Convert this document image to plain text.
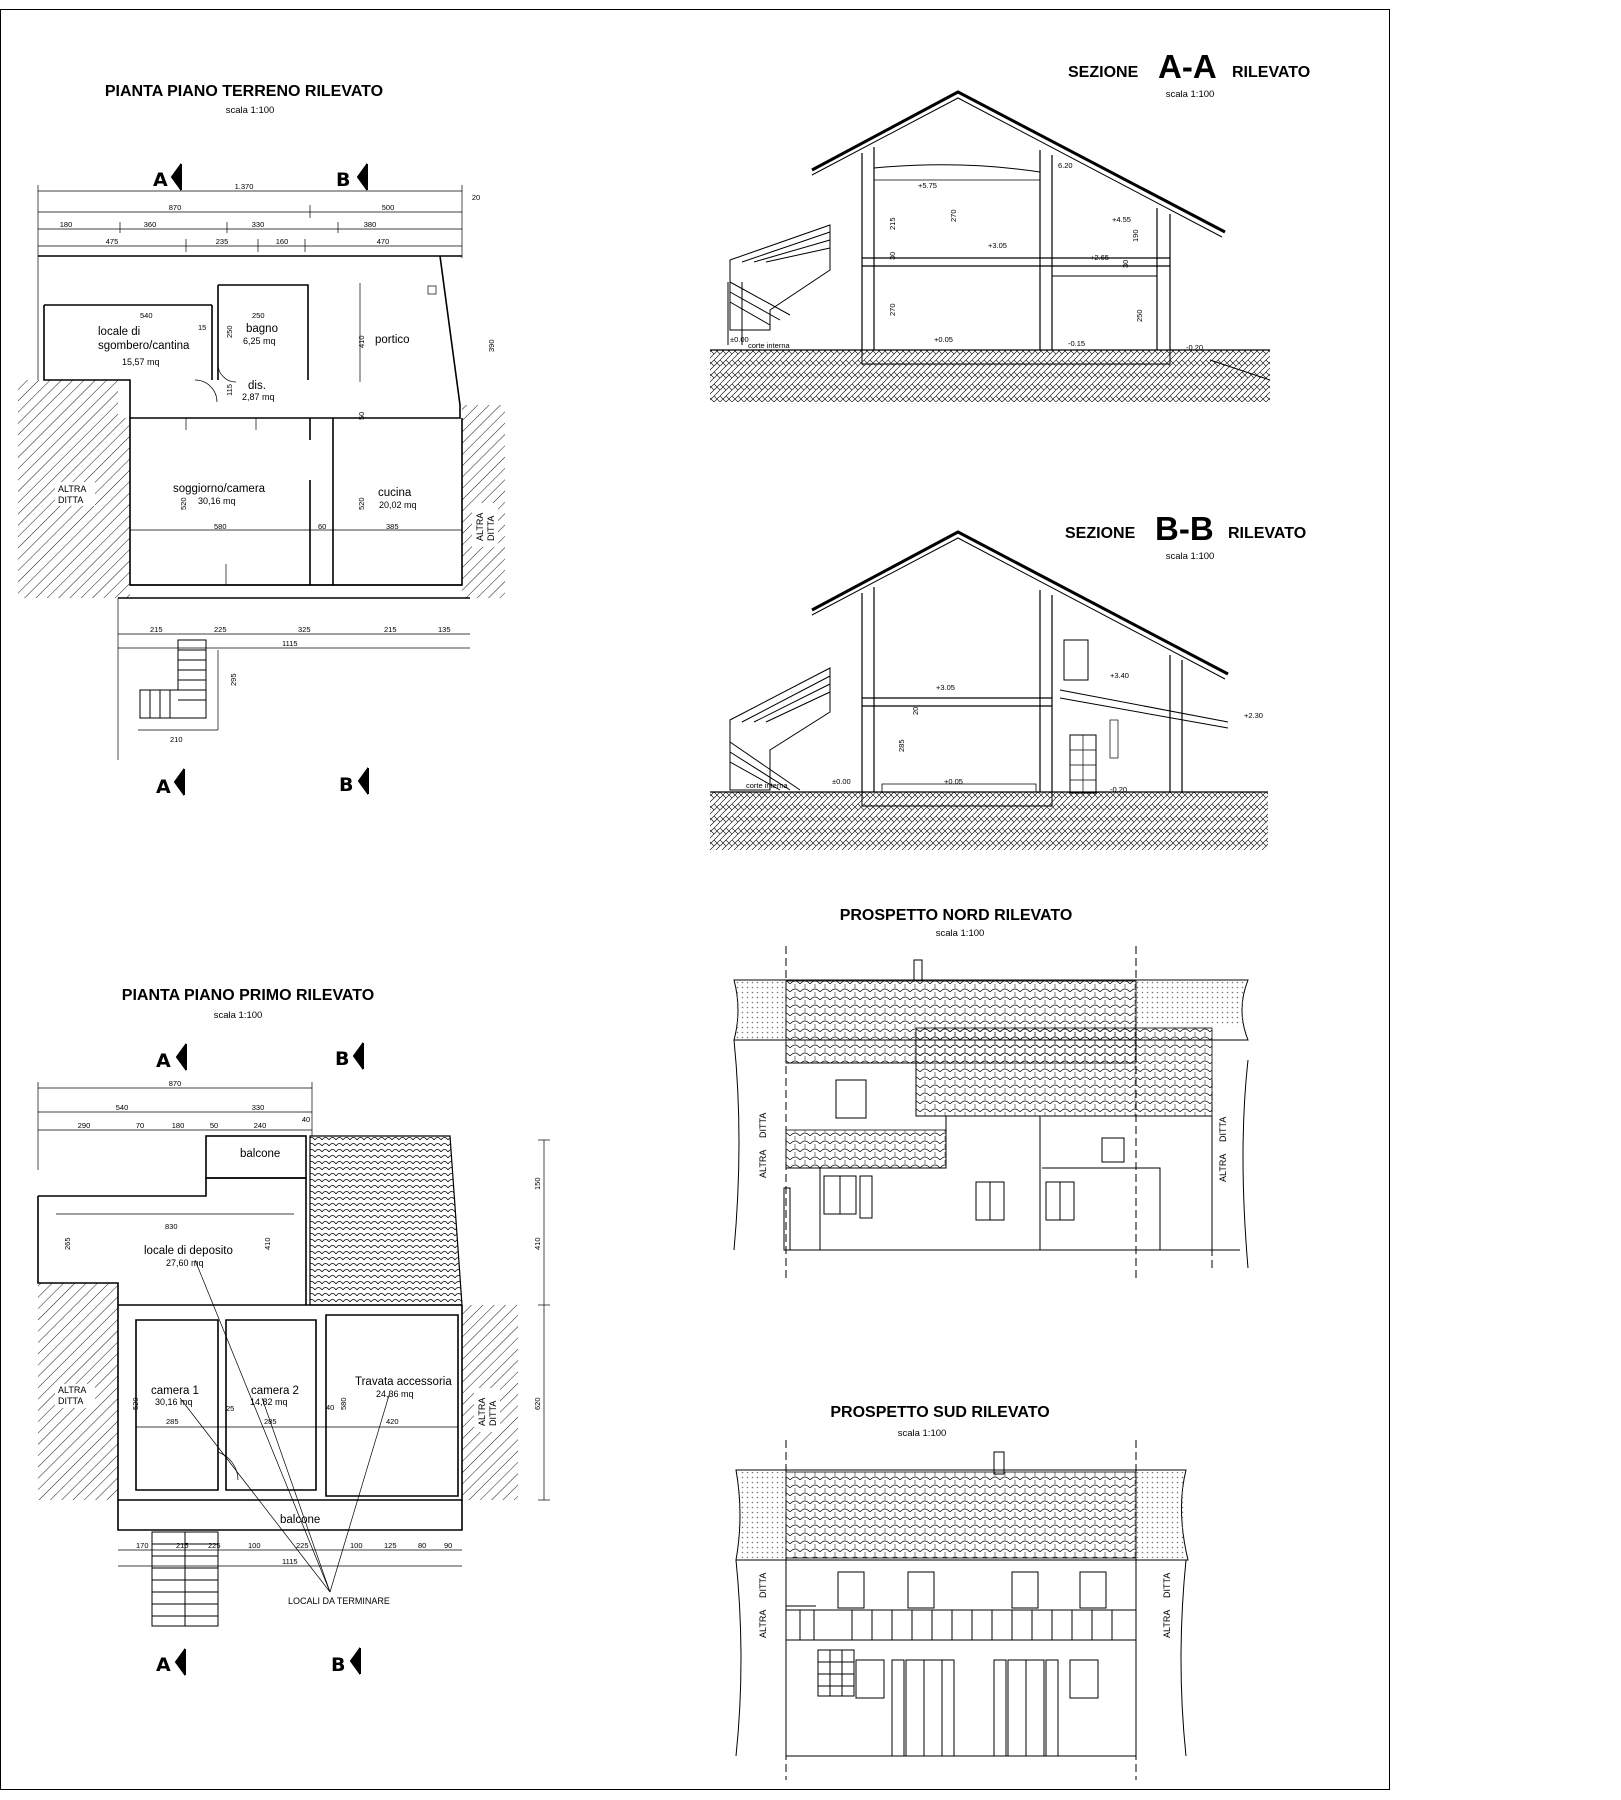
PIANTA PIANO TERRENO RILEVATO
scala 1:100
A	B
1.370
870	500
180	360	330	380
475	235	160	470
20
ALTRA
DITTA
ALTRA DITTA
locale di
sgombero/cantina
15,57 mq
bagno
6,25 mq
dis.
2,87 mq
portico
soggiorno/camera
30,16 mq
cucina
20,02 mq
540	250
15 250
410	390
115
520
580	60	385
520
50
215	225	325	215	135
1115
295
210
A	B
PIANTA PIANO PRIMO RILEVATO
scala 1:100
A	B
870
540	330
290	70	180	50	240
40
ALTRA
DITTA	ALTRA DITTA
balcone
locale di deposito
27,60 mq
camera 1
30,16 mq
camera 2
14,82 mq
Travata accessoria
24,36 mq
balcone
830
265	410
150
410
620
520
285
25
285
40 580
420
170	215	225	100	225	100	125	80 90
1115
LOCALI DA TERMINARE
A	B
SEZIONE A-A RILEVATO
scala 1:100
+5.75
6.20
+4.55
+3.05
+2.65
±0.00	+0.05	-0.15	-0.20
215
270
30
270
190
30
250
corte interna
SEZIONE B-B RILEVATO
scala 1:100
+3.05
+3.40
+2.30
±0.00	+0.05
-0.20
20
285
corte interna
PROSPETTO NORD RILEVATO
scala 1:100
ALTRA
DITTA
ALTRA
DITTA
PROSPETTO SUD RILEVATO
scala 1:100
ALTRA
DITTA
ALTRA
DITTA
